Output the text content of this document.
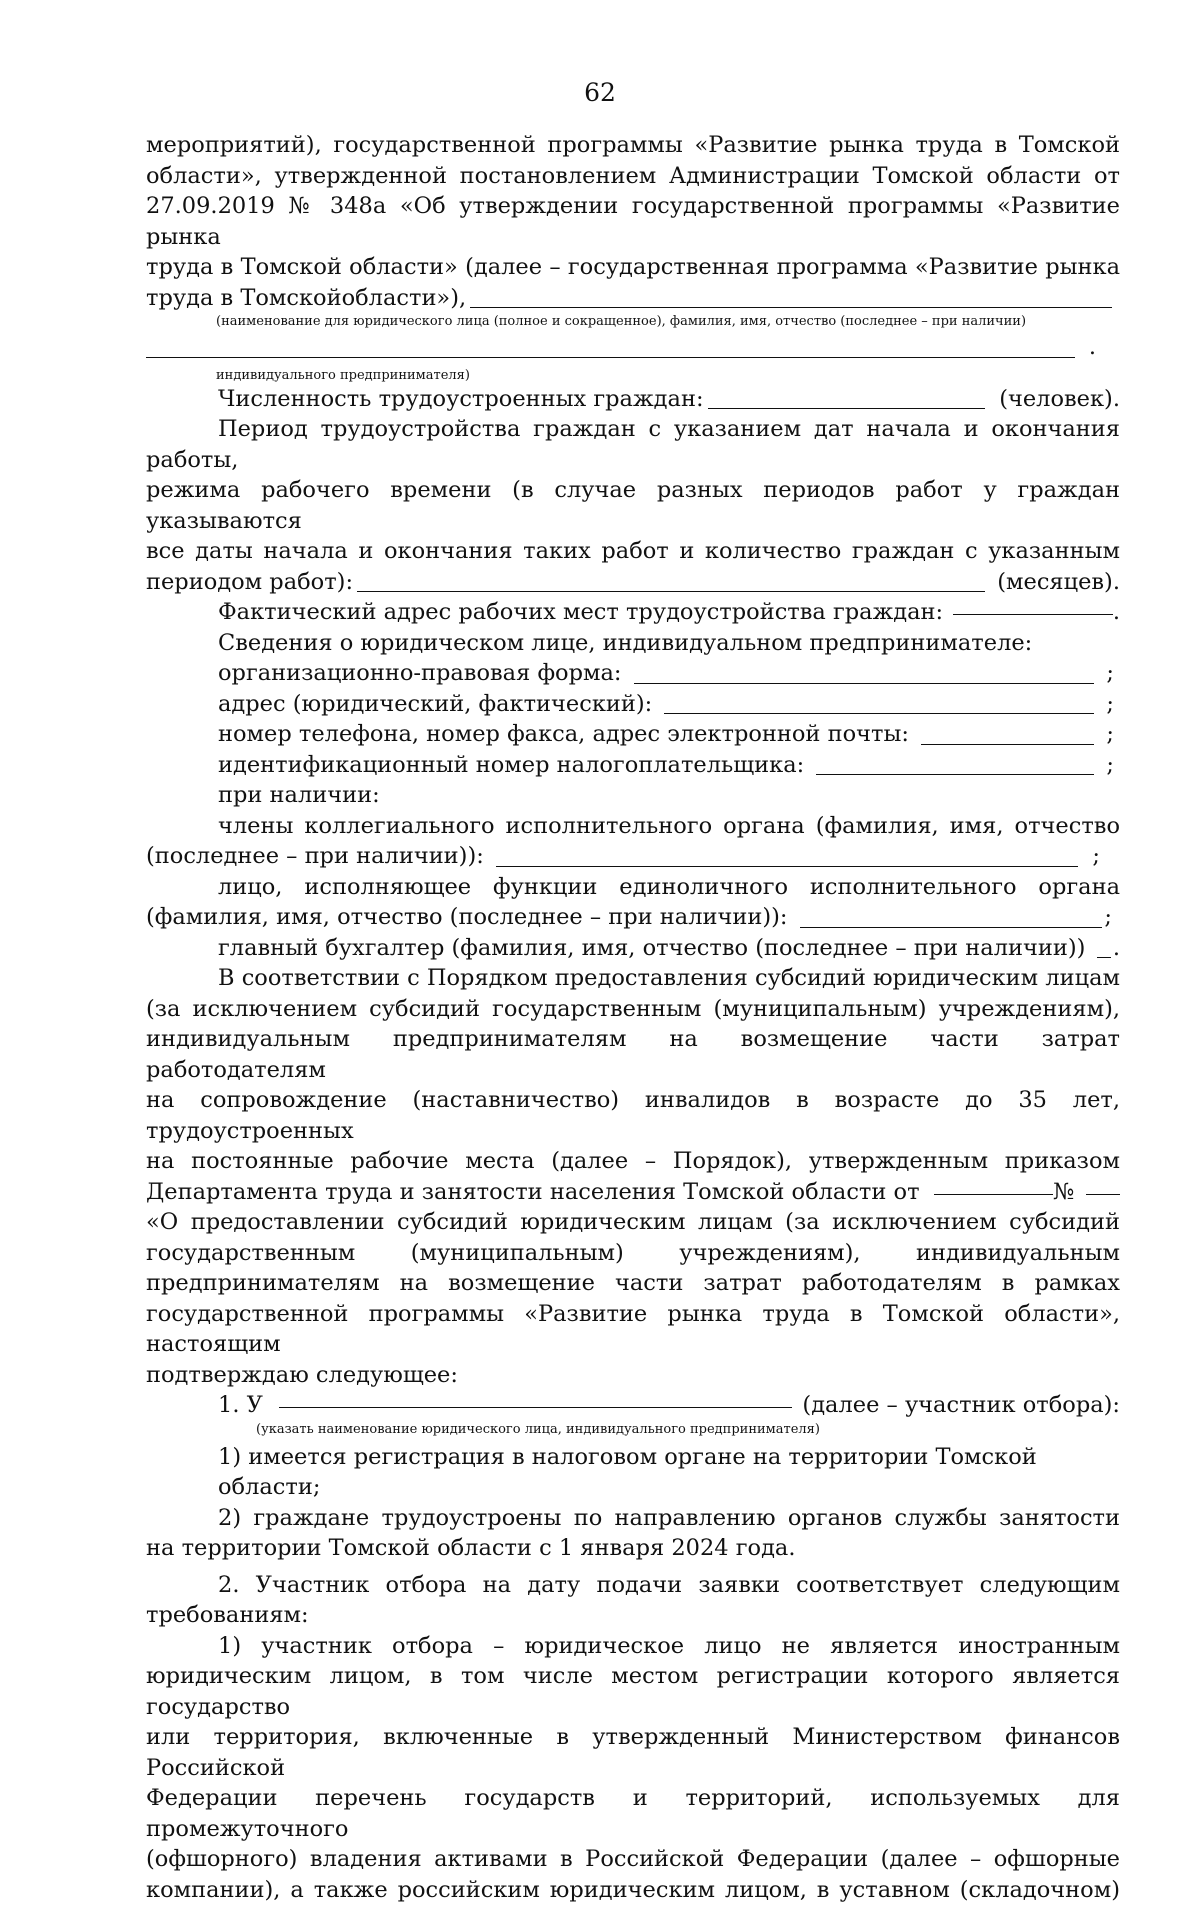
62

мероприятий), государственной программы «Развитие рынка труда в Томской

области», утвержденной постановлением Администрации Томской области от

27.09.2019 № 348а «Об утверждении государственной программы «Развитие рынка

труда в Томской области» (далее – государственная программа «Развитие рынка

труда в Томскойобласти»),

(наименование для юридического лица (полное и сокращенное), фамилия, имя, отчество (последнее – при наличии)

.

индивидуального предпринимателя)

Численность трудоустроенных граждан:	(человек).

Период трудоустройства граждан с указанием дат начала и окончания работы,

режима рабочего времени (в случае разных периодов работ у граждан указываются

все даты начала и окончания таких работ и количество граждан с указанным

периодом работ):	(месяцев).
Фактический адрес рабочих мест трудоустройства граждан:	.

Сведения о юридическом лице, индивидуальном предпринимателе:

организационно-правовая форма:	;
адрес (юридический, фактический):	;
номер телефона, номер факса, адрес электронной почты:	;
идентификационный номер налогоплательщика:	;

при наличии:

члены коллегиального исполнительного органа (фамилия, имя, отчество

(последнее – при наличии)):	;

лицо, исполняющее функции единоличного исполнительного органа

(фамилия, имя, отчество (последнее – при наличии)):	;
главный бухгалтер (фамилия, имя, отчество (последнее – при наличии)) .

В соответствии с Порядком предоставления субсидий юридическим лицам

(за исключением субсидий государственным (муниципальным) учреждениям),

индивидуальным предпринимателям на возмещение части затрат работодателям

на сопровождение (наставничество) инвалидов в возрасте до 35 лет, трудоустроенных

на постоянные рабочие места (далее – Порядок), утвержденным приказом

Департамента труда и занятости населения Томской области от	№

«О предоставлении субсидий юридическим лицам (за исключением субсидий

государственным (муниципальным) учреждениям), индивидуальным

предпринимателям на возмещение части затрат работодателям в рамках

государственной программы «Развитие рынка труда в Томской области», настоящим

подтверждаю следующее:

1. У	(далее – участник отбора):

(указать наименование юридического лица, индивидуального предпринимателя)

1) имеется регистрация в налоговом органе на территории Томской области;

2) граждане трудоустроены по направлению органов службы занятости

на территории Томской области с 1 января 2024 года.

2. Участник отбора на дату подачи заявки соответствует следующим

требованиям:

1) участник отбора – юридическое лицо не является иностранным

юридическим лицом, в том числе местом регистрации которого является государство

или территория, включенные в утвержденный Министерством финансов Российской

Федерации перечень государств и территорий, используемых для промежуточного

(офшорного) владения активами в Российской Федерации (далее – офшорные

компании), а также российским юридическим лицом, в уставном (складочном)
